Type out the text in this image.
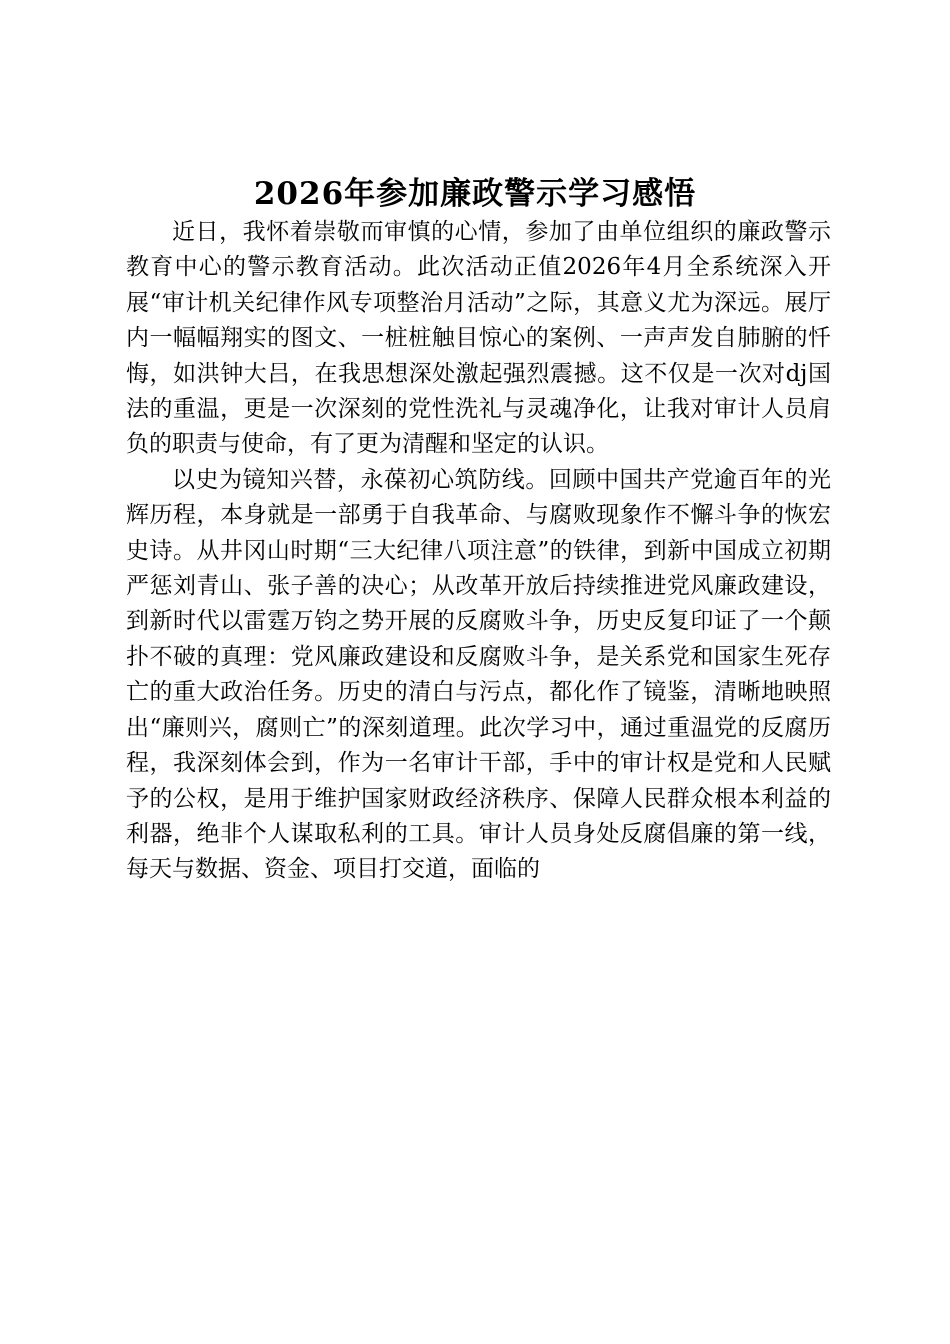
2026年参加廉政警示学习感悟

近日，我怀着崇敬而审慎的心情，参加了由单位组织的廉政警示教育中心的警示教育活动。此次活动正值2026年4月全系统深入开展“审计机关纪律作风专项整治月活动”之际，其意义尤为深远。展厅内一幅幅翔实的图文、一桩桩触目惊心的案例、一声声发自肺腑的忏悔，如洪钟大吕，在我思想深处激起强烈震撼。这不仅是一次对dj国法的重温，更是一次深刻的党性洗礼与灵魂净化，让我对审计人员肩负的职责与使命，有了更为清醒和坚定的认识。

以史为镜知兴替，永葆初心筑防线。回顾中国共产党逾百年的光辉历程，本身就是一部勇于自我革命、与腐败现象作不懈斗争的恢宏史诗。从井冈山时期“三大纪律八项注意”的铁律，到新中国成立初期严惩刘青山、张子善的决心；从改革开放后持续推进党风廉政建设，到新时代以雷霆万钧之势开展的反腐败斗争，历史反复印证了一个颠扑不破的真理：党风廉政建设和反腐败斗争，是关系党和国家生死存亡的重大政治任务。历史的清白与污点，都化作了镜鉴，清晰地映照出“廉则兴，腐则亡”的深刻道理。此次学习中，通过重温党的反腐历程，我深刻体会到，作为一名审计干部，手中的审计权是党和人民赋予的公权，是用于维护国家财政经济秩序、保障人民群众根本利益的利器，绝非个人谋取私利的工具。审计人员身处反腐倡廉的第一线，每天与数据、资金、项目打交道，面临的
